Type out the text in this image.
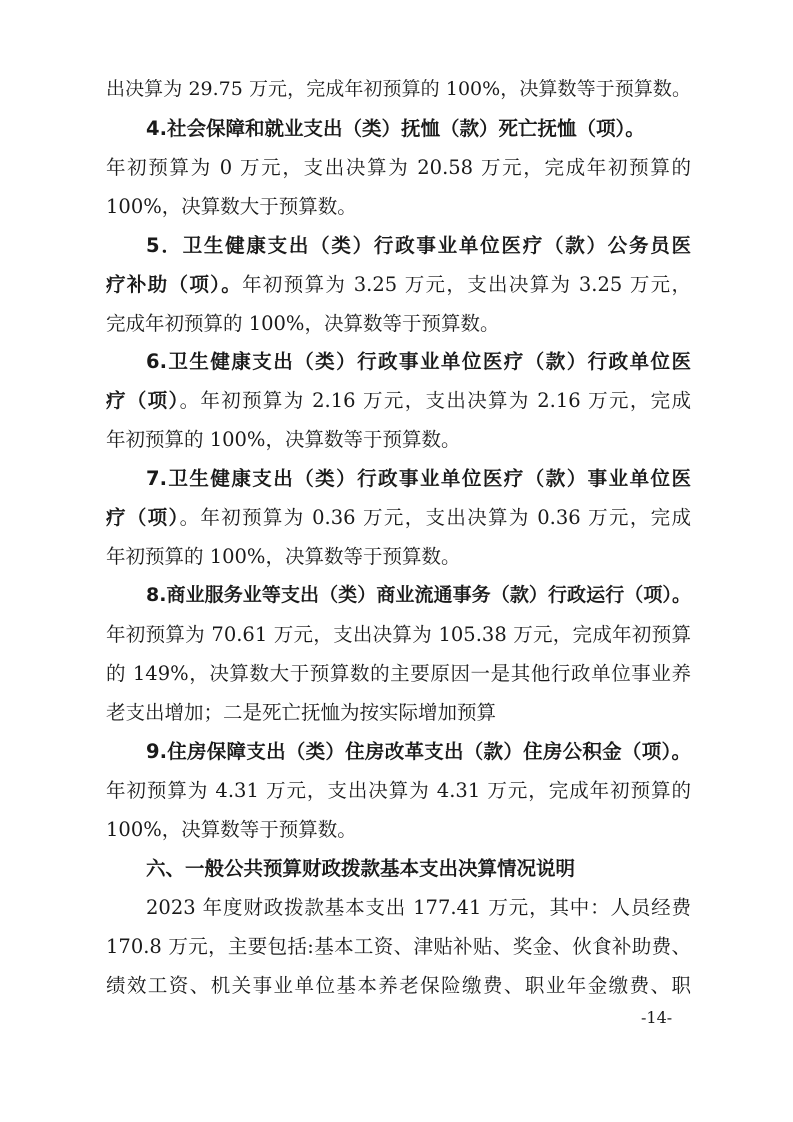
出决算为 29.75 万元，完成年初预算的 100%，决算数等于预算数。
4.社会保障和就业支出（类）抚恤（款）死亡抚恤（项）。
年初预算为 0 万元，支出决算为 20.58 万元，完成年初预算的
100%，决算数大于预算数。
5．卫生健康支出（类）行政事业单位医疗（款）公务员医
疗补助（项）。年初预算为 3.25 万元，支出决算为 3.25 万元，
完成年初预算的 100%，决算数等于预算数。
6.卫生健康支出（类）行政事业单位医疗（款）行政单位医
疗（项）。年初预算为 2.16 万元，支出决算为 2.16 万元，完成
年初预算的 100%，决算数等于预算数。
7.卫生健康支出（类）行政事业单位医疗（款）事业单位医
疗（项）。年初预算为 0.36 万元，支出决算为 0.36 万元，完成
年初预算的 100%，决算数等于预算数。
8.商业服务业等支出（类）商业流通事务（款）行政运行（项）。
年初预算为 70.61 万元，支出决算为 105.38 万元，完成年初预算
的 149%，决算数大于预算数的主要原因一是其他行政单位事业养
老支出增加；二是死亡抚恤为按实际增加预算
9.住房保障支出（类）住房改革支出（款）住房公积金（项）。
年初预算为 4.31 万元，支出决算为 4.31 万元，完成年初预算的
100%，决算数等于预算数。
六、一般公共预算财政拨款基本支出决算情况说明
2023 年度财政拨款基本支出 177.41 万元，其中：人员经费
170.8 万元，主要包括:基本工资、津贴补贴、奖金、伙食补助费、
绩效工资、机关事业单位基本养老保险缴费、职业年金缴费、职
-14-
